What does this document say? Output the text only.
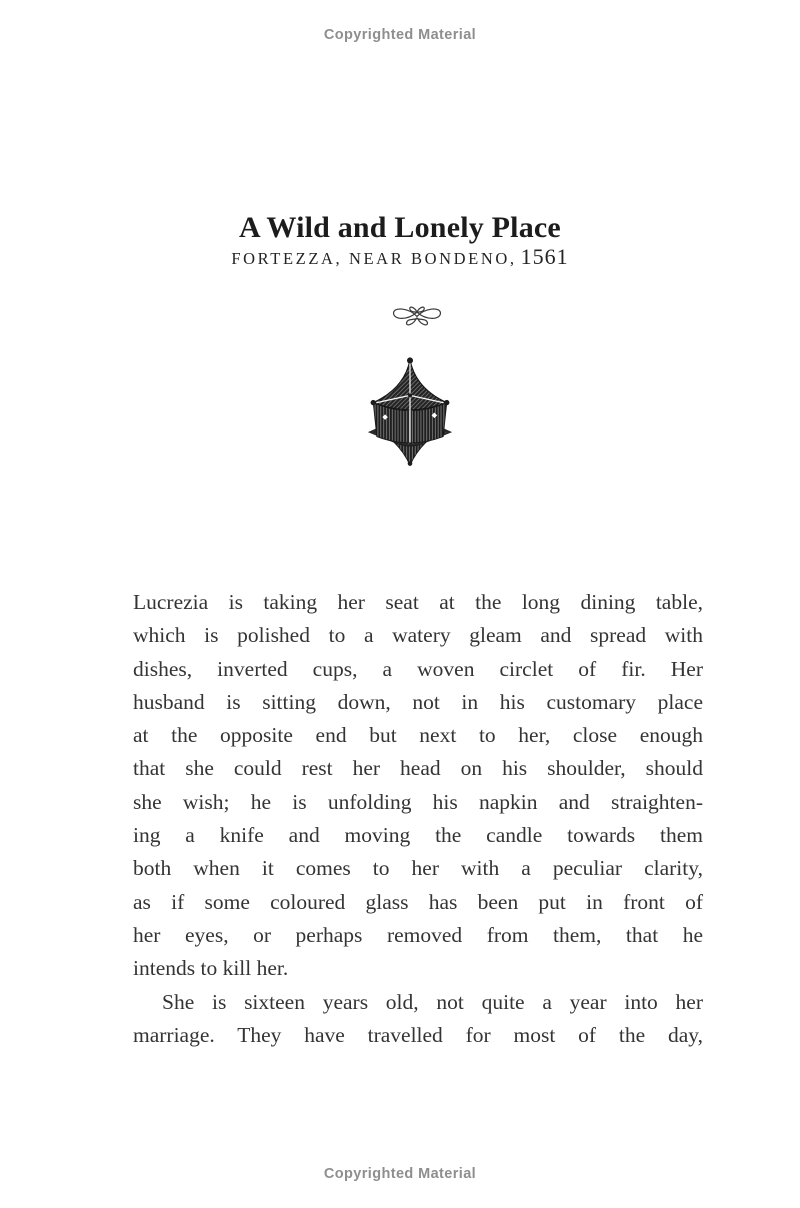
Copyrighted Material
A Wild and Lonely Place
FORTEZZA, NEAR BONDENO, 1561
Lucrezia is taking her seat at the long dining table,
which is polished to a watery gleam and spread with
dishes, inverted cups, a woven circlet of fir. Her
husband is sitting down, not in his customary place
at the opposite end but next to her, close enough
that she could rest her head on his shoulder, should
she wish; he is unfolding his napkin and straighten-
ing a knife and moving the candle towards them
both when it comes to her with a peculiar clarity,
as if some coloured glass has been put in front of
her eyes, or perhaps removed from them, that he
intends to kill her.
She is sixteen years old, not quite a year into her
marriage. They have travelled for most of the day,
Copyrighted Material
